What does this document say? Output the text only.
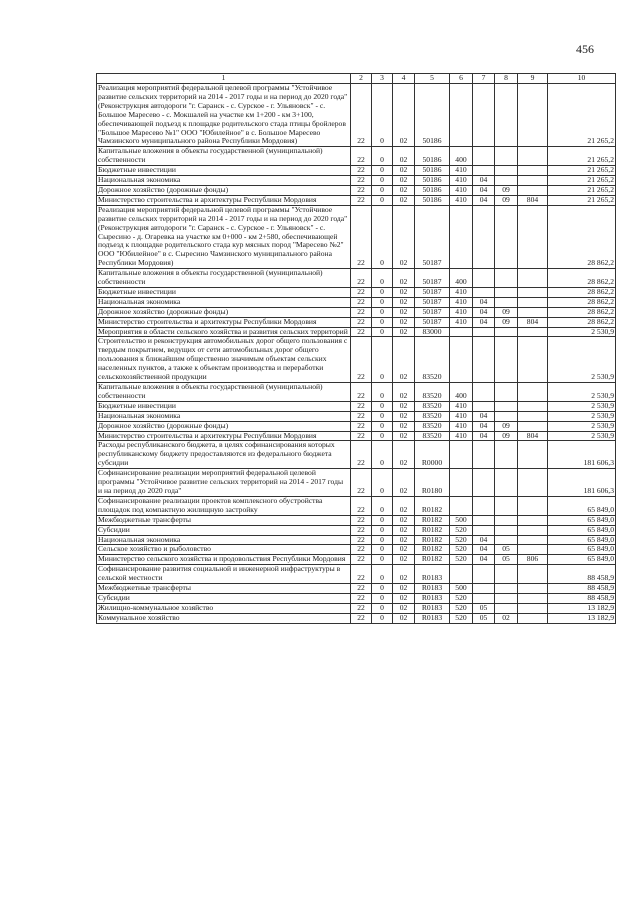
456
1	2	3	4	5	6	7	8	9	10
Реализация мероприятий федеральной целевой программы "Устойчивое развитие сельских территорий на 2014 - 2017 годы и на период до 2020 года" (Реконструкция автодороги "г. Саранск - с. Сурское - г. Ульяновск" - с. Большое Маресево - с. Мокшалей на участке км 1+200 - км 3+100, обеспечивающей подъезд к площадке родительского стада птицы бройлеров "Большое Маресево №1" ООО "Юбилейное" в с. Большое Маресево Чамзинского муниципального района Республики Мордовия)	22	0	02	50186					21 265,2
Капитальные вложения в объекты государственной (муниципальной) собственности	22	0	02	50186	400				21 265,2
Бюджетные инвестиции	22	0	02	50186	410				21 265,2
Национальная экономика	22	0	02	50186	410	04			21 265,2
Дорожное хозяйство (дорожные фонды)	22	0	02	50186	410	04	09		21 265,2
Министерство строительства и архитектуры Республики Мордовия	22	0	02	50186	410	04	09	804	21 265,2
Реализация мероприятий федеральной целевой программы "Устойчивое развитие сельских территорий на 2014 - 2017 годы и на период до 2020 года" (Реконструкция автодороги "г. Саранск - с. Сурское - г. Ульяновск" - с. Сыресино - д. Огаревка на участке км 0+000 - км 2+580, обеспечивающей подъезд к площадке родительского стада кур мясных пород "Маресево №2" ООО "Юбилейное" в с. Сыресино Чамзинского муниципального района Республики Мордовия)	22	0	02	50187					28 862,2
Капитальные вложения в объекты государственной (муниципальной) собственности	22	0	02	50187	400				28 862,2
Бюджетные инвестиции	22	0	02	50187	410				28 862,2
Национальная экономика	22	0	02	50187	410	04			28 862,2
Дорожное хозяйство (дорожные фонды)	22	0	02	50187	410	04	09		28 862,2
Министерство строительства и архитектуры Республики Мордовия	22	0	02	50187	410	04	09	804	28 862,2
Мероприятия в области сельского хозяйства и развития сельских территорий	22	0	02	83000					2 530,9
Строительство и реконструкция автомобильных дорог общего пользования с твердым покрытием, ведущих от сети автомобильных дорог общего пользования к ближайшим общественно значимым объектам сельских населенных пунктов, а также к объектам производства и переработки сельскохозяйственной продукции	22	0	02	83520					2 530,9
Капитальные вложения в объекты государственной (муниципальной) собственности	22	0	02	83520	400				2 530,9
Бюджетные инвестиции	22	0	02	83520	410				2 530,9
Национальная экономика	22	0	02	83520	410	04			2 530,9
Дорожное хозяйство (дорожные фонды)	22	0	02	83520	410	04	09		2 530,9
Министерство строительства и архитектуры Республики Мордовия	22	0	02	83520	410	04	09	804	2 530,9
Расходы республиканского бюджета, в целях софинансирования которых республиканскому бюджету предоставляются из федерального бюджета субсидии	22	0	02	R0000					181 606,3
Софинансирование реализации мероприятий федеральной целевой программы "Устойчивое развитие сельских территорий на 2014 - 2017 годы и на период до 2020 года"	22	0	02	R0180					181 606,3
Софинансирование реализации проектов комплексного обустройства площадок под компактную жилищную застройку	22	0	02	R0182					65 849,0
Межбюджетные трансферты	22	0	02	R0182	500				65 849,0
Субсидии	22	0	02	R0182	520				65 849,0
Национальная экономика	22	0	02	R0182	520	04			65 849,0
Сельское хозяйство и рыболовство	22	0	02	R0182	520	04	05		65 849,0
Министерство сельского хозяйства и продовольствия Республики Мордовия	22	0	02	R0182	520	04	05	806	65 849,0
Софинансирование развития социальной и инженерной инфраструктуры в сельской местности	22	0	02	R0183					88 458,9
Межбюджетные трансферты	22	0	02	R0183	500				88 458,9
Субсидии	22	0	02	R0183	520				88 458,9
Жилищно-коммунальное хозяйство	22	0	02	R0183	520	05			13 182,9
Коммунальное хозяйство	22	0	02	R0183	520	05	02		13 182,9
